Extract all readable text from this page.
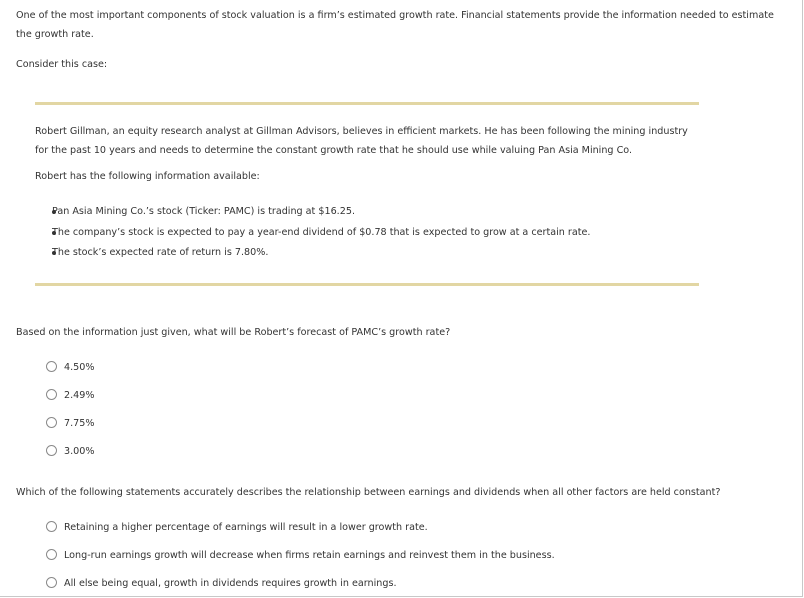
One of the most important components of stock valuation is a firm’s estimated growth rate. Financial statements provide the information needed to estimate the growth rate.
Consider this case:
Robert Gillman, an equity research analyst at Gillman Advisors, believes in efficient markets. He has been following the mining industry for the past 10 years and needs to determine the constant growth rate that he should use while valuing Pan Asia Mining Co.
Robert has the following information available:
Pan Asia Mining Co.’s stock (Ticker: PAMC) is trading at $16.25.
The company’s stock is expected to pay a year-end dividend of $0.78 that is expected to grow at a certain rate.
The stock’s expected rate of return is 7.80%.
Based on the information just given, what will be Robert’s forecast of PAMC’s growth rate?
4.50%
2.49%
7.75%
3.00%
Which of the following statements accurately describes the relationship between earnings and dividends when all other factors are held constant?
Retaining a higher percentage of earnings will result in a lower growth rate.
Long-run earnings growth will decrease when firms retain earnings and reinvest them in the business.
All else being equal, growth in dividends requires growth in earnings.
